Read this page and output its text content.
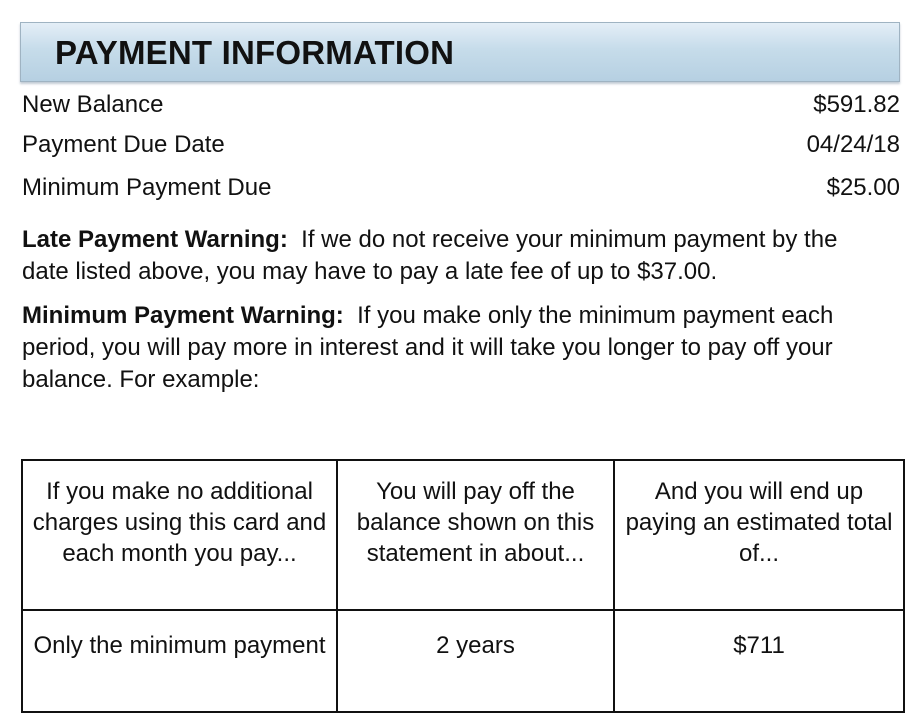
PAYMENT INFORMATION
New Balance	$591.82
Payment Due Date	04/24/18
Minimum Payment Due	$25.00
Late Payment Warning: If we do not receive your minimum payment by the date listed above, you may have to pay a late fee of up to $37.00.
Minimum Payment Warning: If you make only the minimum payment each period, you will pay more in interest and it will take you longer to pay off your balance. For example:
If you make no additional charges using this card and each month you pay...	You will pay off the balance shown on this statement in about...	And you will end up paying an estimated total of...
Only the minimum payment	2 years	$711
